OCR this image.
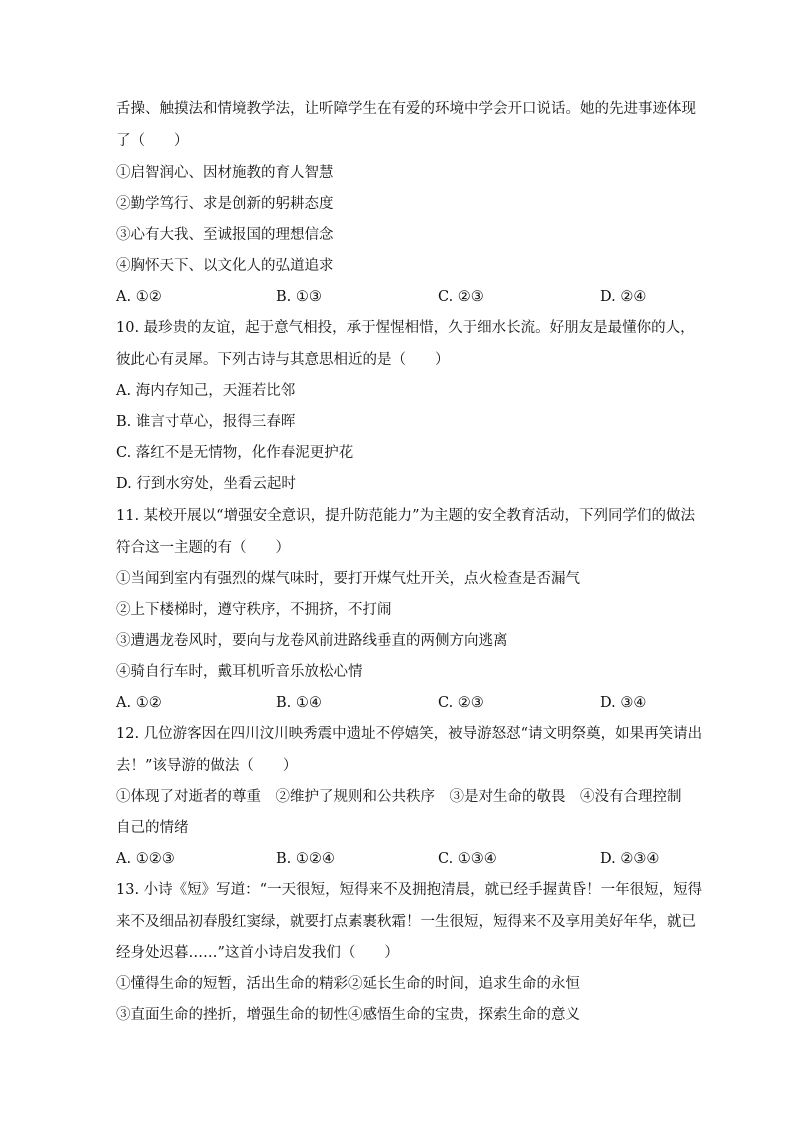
舌操、触摸法和情境教学法，让听障学生在有爱的环境中学会开口说话。她的先进事迹体现
了（　　）
①启智润心、因材施教的育人智慧
②勤学笃行、求是创新的躬耕态度
③心有大我、至诚报国的理想信念
④胸怀天下、以文化人的弘道追求
A. ①②	B. ①③	C. ②③	D. ②④
10. 最珍贵的友谊，起于意气相投，承于惺惺相惜，久于细水长流。好朋友是最懂你的人，
彼此心有灵犀。下列古诗与其意思相近的是（　　）
A. 海内存知己，天涯若比邻
B. 谁言寸草心，报得三春晖
C. 落红不是无情物，化作春泥更护花
D. 行到水穷处，坐看云起时
11. 某校开展以“增强安全意识，提升防范能力”为主题的安全教育活动，下列同学们的做法
符合这一主题的有（　　）
①当闻到室内有强烈的煤气味时，要打开煤气灶开关，点火检查是否漏气
②上下楼梯时，遵守秩序，不拥挤，不打闹
③遭遇龙卷风时，要向与龙卷风前进路线垂直的两侧方向逃离
④骑自行车时，戴耳机听音乐放松心情
A. ①②	B. ①④	C. ②③	D. ③④
12. 几位游客因在四川汶川映秀震中遗址不停嬉笑，被导游怒怼“请文明祭奠，如果再笑请出
去！”该导游的做法（　　）
①体现了对逝者的尊重　②维护了规则和公共秩序　③是对生命的敬畏　④没有合理控制
自己的情绪
A. ①②③	B. ①②④	C. ①③④	D. ②③④
13. 小诗《短》写道：“一天很短，短得来不及拥抱清晨，就已经手握黄昏！一年很短，短得
来不及细品初春殷红窦绿，就要打点素裹秋霜！一生很短，短得来不及享用美好年华，就已
经身处迟暮……”这首小诗启发我们（　　）
①懂得生命的短暂，活出生命的精彩②延长生命的时间，追求生命的永恒
③直面生命的挫折，增强生命的韧性④感悟生命的宝贵，探索生命的意义
